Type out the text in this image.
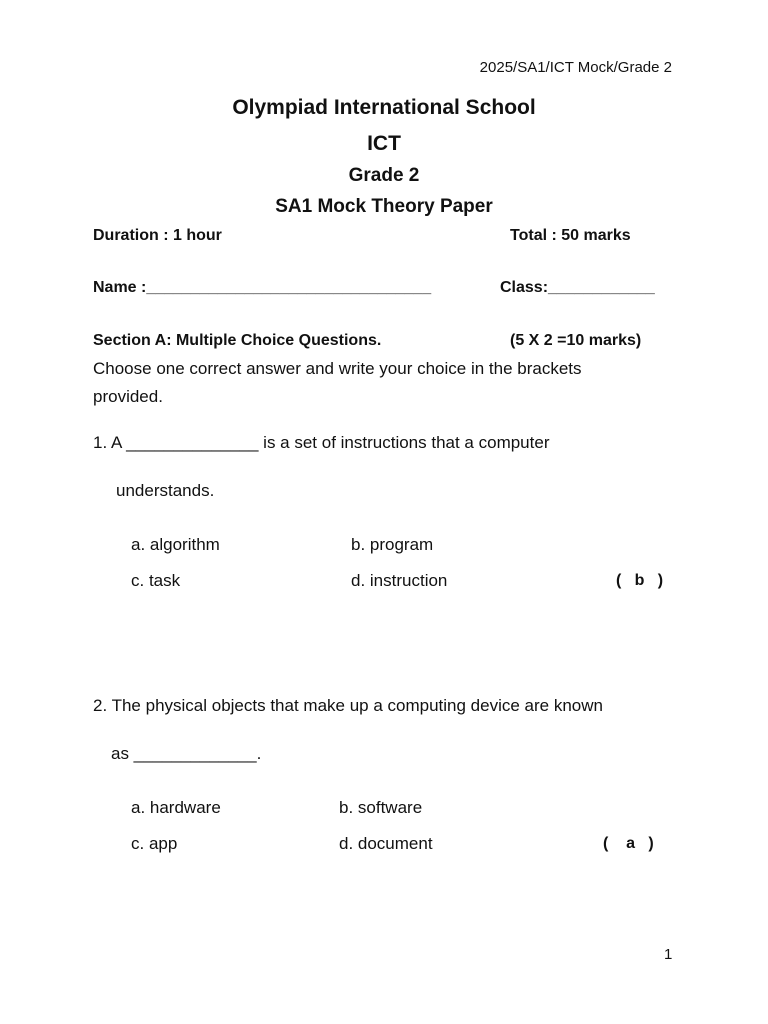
2025/SA1/ICT Mock/Grade 2
Olympiad International School
ICT
Grade 2
SA1 Mock Theory Paper
Duration : 1 hour	Total : 50 marks
Name :________________________________	Class:____________
Section A: Multiple Choice Questions.	(5 X 2 =10 marks)
Choose one correct answer and write your choice in the brackets
provided.
1. A ______________ is a set of instructions that a computer
understands.
a. algorithm	b. program
c. task	d. instruction	(   b   )
2. The physical objects that make up a computing device are known
as _____________.
a. hardware	b. software
c. app	d. document	(    a   )
1
